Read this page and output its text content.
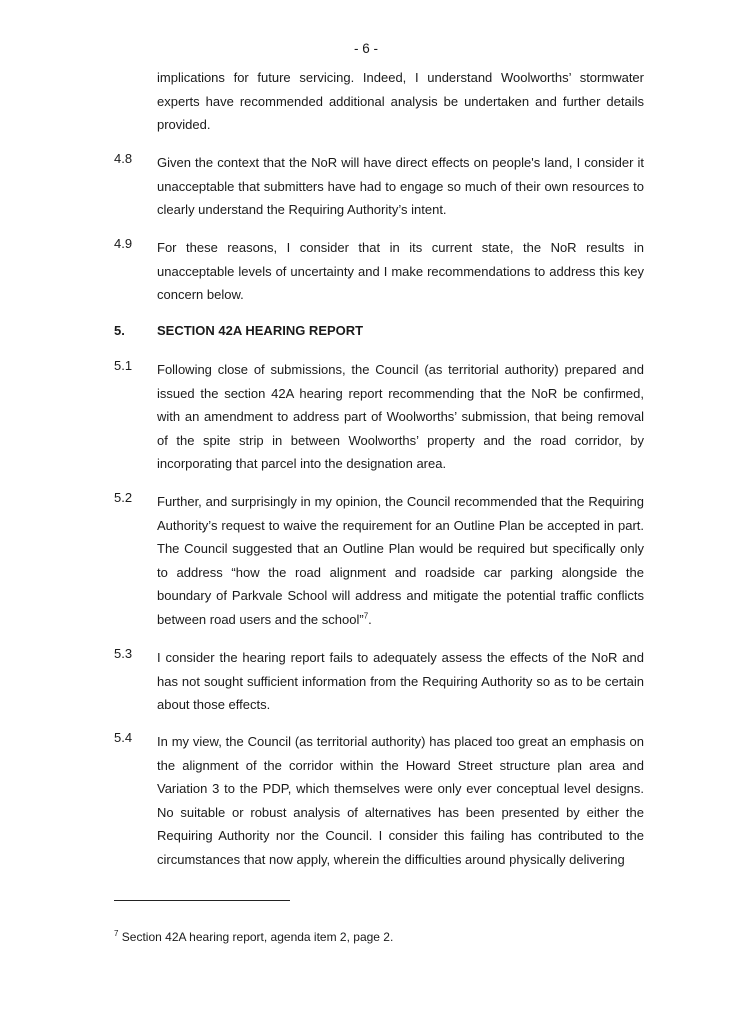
- 6 -
implications for future servicing. Indeed, I understand Woolworths’ stormwater experts have recommended additional analysis be undertaken and further details provided.
4.8	Given the context that the NoR will have direct effects on people's land, I consider it unacceptable that submitters have had to engage so much of their own resources to clearly understand the Requiring Authority’s intent.
4.9	For these reasons, I consider that in its current state, the NoR results in unacceptable levels of uncertainty and I make recommendations to address this key concern below.
5. SECTION 42A HEARING REPORT
5.1	Following close of submissions, the Council (as territorial authority) prepared and issued the section 42A hearing report recommending that the NoR be confirmed, with an amendment to address part of Woolworths’ submission, that being removal of the spite strip in between Woolworths’ property and the road corridor, by incorporating that parcel into the designation area.
5.2	Further, and surprisingly in my opinion, the Council recommended that the Requiring Authority’s request to waive the requirement for an Outline Plan be accepted in part. The Council suggested that an Outline Plan would be required but specifically only to address “how the road alignment and roadside car parking alongside the boundary of Parkvale School will address and mitigate the potential traffic conflicts between road users and the school”$^7$.
5.3	I consider the hearing report fails to adequately assess the effects of the NoR and has not sought sufficient information from the Requiring Authority so as to be certain about those effects.
5.4	In my view, the Council (as territorial authority) has placed too great an emphasis on the alignment of the corridor within the Howard Street structure plan area and Variation 3 to the PDP, which themselves were only ever conceptual level designs. No suitable or robust analysis of alternatives has been presented by either the Requiring Authority nor the Council. I consider this failing has contributed to the circumstances that now apply, wherein the difficulties around physically delivering
$^7$ Section 42A hearing report, agenda item 2, page 2.
